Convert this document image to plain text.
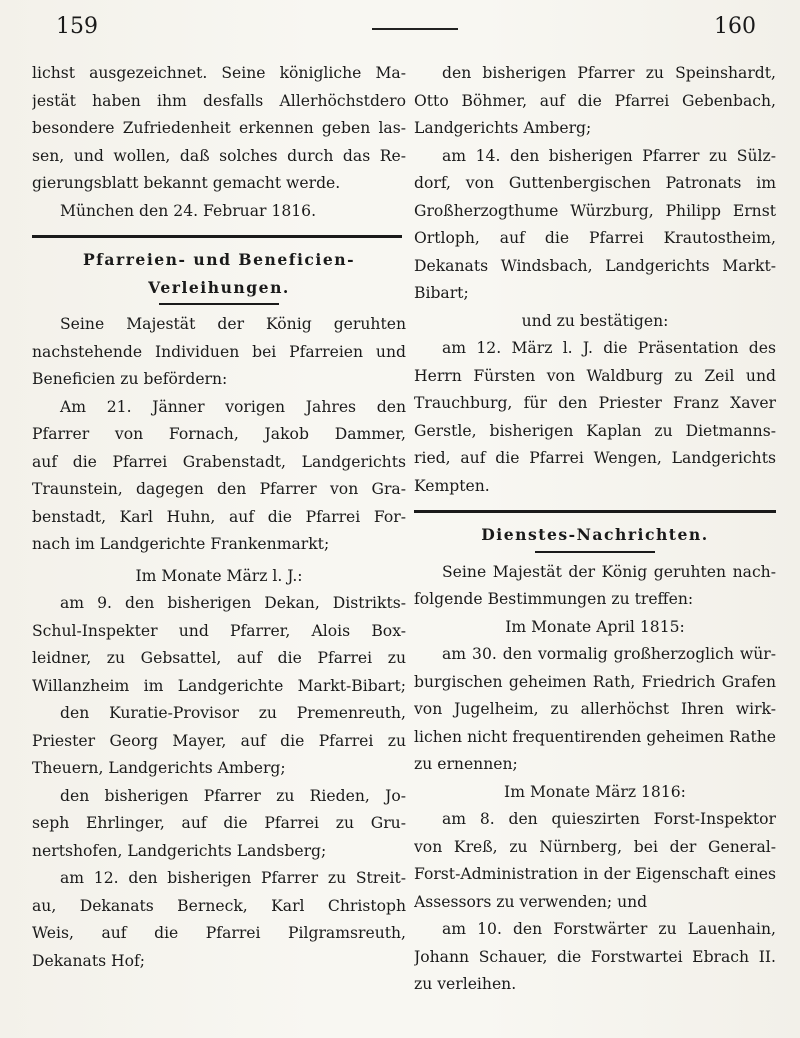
159	160
lichst ausgezeichnet. Seine königliche Ma-
jestät haben ihm desfalls Allerhöchstdero
besondere Zufriedenheit erkennen geben las-
sen, und wollen, daß solches durch das Re-
gierungsblatt bekannt gemacht werde.
München den 24. Februar 1816.
Pfarreien- und Beneficien-
Verleihungen.
Seine Majestät der König geruhten
nachstehende Individuen bei Pfarreien und
Beneficien zu befördern:
Am 21. Jänner vorigen Jahres den
Pfarrer von Fornach, Jakob Dammer,
auf die Pfarrei Grabenstadt, Landgerichts
Traunstein, dagegen den Pfarrer von Gra-
benstadt, Karl Huhn, auf die Pfarrei For-
nach im Landgerichte Frankenmarkt;
Im Monate März l. J.:
am 9. den bisherigen Dekan, Distrikts-
Schul-Inspekter und Pfarrer, Alois Box-
leidner, zu Gebsattel, auf die Pfarrei zu
Willanzheim im Landgerichte Markt-Bibart;
den Kuratie-Provisor zu Premenreuth,
Priester Georg Mayer, auf die Pfarrei zu
Theuern, Landgerichts Amberg;
den bisherigen Pfarrer zu Rieden, Jo-
seph Ehrlinger, auf die Pfarrei zu Gru-
nertshofen, Landgerichts Landsberg;
am 12. den bisherigen Pfarrer zu Streit-
au, Dekanats Berneck, Karl Christoph
Weis, auf die Pfarrei Pilgramsreuth,
Dekanats Hof;
den bisherigen Pfarrer zu Speinshardt,
Otto Böhmer, auf die Pfarrei Gebenbach,
Landgerichts Amberg;
am 14. den bisherigen Pfarrer zu Sülz-
dorf, von Guttenbergischen Patronats im
Großherzogthume Würzburg, Philipp Ernst
Ortloph, auf die Pfarrei Krautostheim,
Dekanats Windsbach, Landgerichts Markt-
Bibart;
und zu bestätigen:
am 12. März l. J. die Präsentation des
Herrn Fürsten von Waldburg zu Zeil und
Trauchburg, für den Priester Franz Xaver
Gerstle, bisherigen Kaplan zu Dietmanns-
ried, auf die Pfarrei Wengen, Landgerichts
Kempten.
Dienstes-Nachrichten.
Seine Majestät der König geruhten nach-
folgende Bestimmungen zu treffen:
Im Monate April 1815:
am 30. den vormalig großherzoglich wür-
burgischen geheimen Rath, Friedrich Grafen
von Jugelheim, zu allerhöchst Ihren wirk-
lichen nicht frequentirenden geheimen Rathe
zu ernennen;
Im Monate März 1816:
am 8. den quieszirten Forst-Inspektor
von Kreß, zu Nürnberg, bei der General-
Forst-Administration in der Eigenschaft eines
Assessors zu verwenden; und
am 10. den Forstwärter zu Lauenhain,
Johann Schauer, die Forstwartei Ebrach II.
zu verleihen.
